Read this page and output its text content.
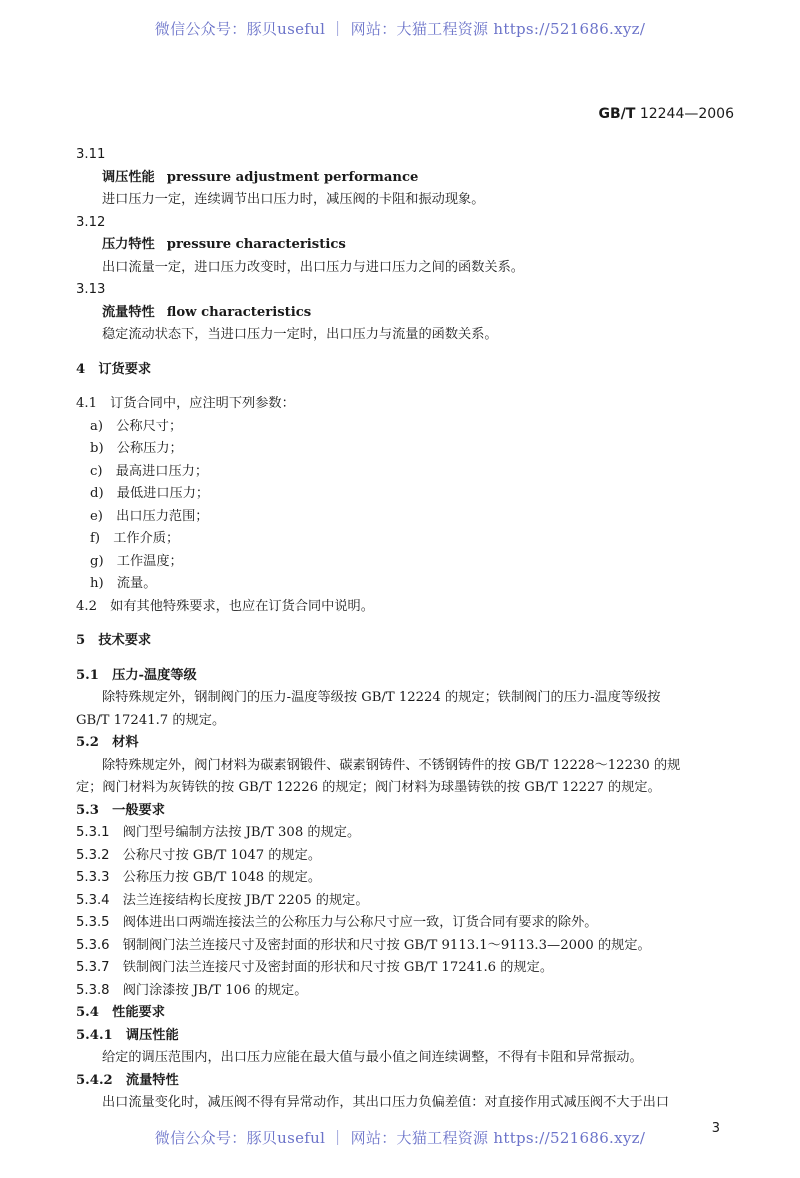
微信公众号：豚贝useful ｜ 网站：大猫工程资源 https://521686.xyz/
GB/T 12244—2006

3.11

调压性能 pressure adjustment performance

进口压力一定，连续调节出口压力时，减压阀的卡阻和振动现象。

3.12

压力特性 pressure characteristics

出口流量一定，进口压力改变时，出口压力与进口压力之间的函数关系。

3.13

流量特性 flow characteristics

稳定流动状态下，当进口压力一定时，出口压力与流量的函数关系。

4　订货要求

4.1　订货合同中，应注明下列参数：

a)　公称尺寸；

b)　公称压力；

c)　最高进口压力；

d)　最低进口压力；

e)　出口压力范围；

f)　工作介质；

g)　工作温度；

h)　流量。

4.2　如有其他特殊要求，也应在订货合同中说明。

5　技术要求

5.1　压力-温度等级

除特殊规定外，钢制阀门的压力-温度等级按 GB/T 12224 的规定；铁制阀门的压力-温度等级按

GB/T 17241.7 的规定。

5.2　材料

除特殊规定外，阀门材料为碳素钢锻件、碳素钢铸件、不锈钢铸件的按 GB/T 12228～12230 的规

定；阀门材料为灰铸铁的按 GB/T 12226 的规定；阀门材料为球墨铸铁的按 GB/T 12227 的规定。

5.3　一般要求

5.3.1　 阀门型号编制方法按 JB/T 308 的规定。

5.3.2　 公称尺寸按 GB/T 1047 的规定。

5.3.3　 公称压力按 GB/T 1048 的规定。

5.3.4　 法兰连接结构长度按 JB/T 2205 的规定。

5.3.5　 阀体进出口两端连接法兰的公称压力与公称尺寸应一致，订货合同有要求的除外。

5.3.6　 钢制阀门法兰连接尺寸及密封面的形状和尺寸按 GB/T 9113.1～9113.3—2000 的规定。

5.3.7　 铁制阀门法兰连接尺寸及密封面的形状和尺寸按 GB/T 17241.6 的规定。

5.3.8　 阀门涂漆按 JB/T 106 的规定。

5.4　性能要求

5.4.1　调压性能

给定的调压范围内，出口压力应能在最大值与最小值之间连续调整，不得有卡阻和异常振动。

5.4.2　流量特性

出口流量变化时，减压阀不得有异常动作，其出口压力负偏差值：对直接作用式减压阀不大于出口

微信公众号：豚贝useful ｜ 网站：大猫工程资源 https://521686.xyz/
3
